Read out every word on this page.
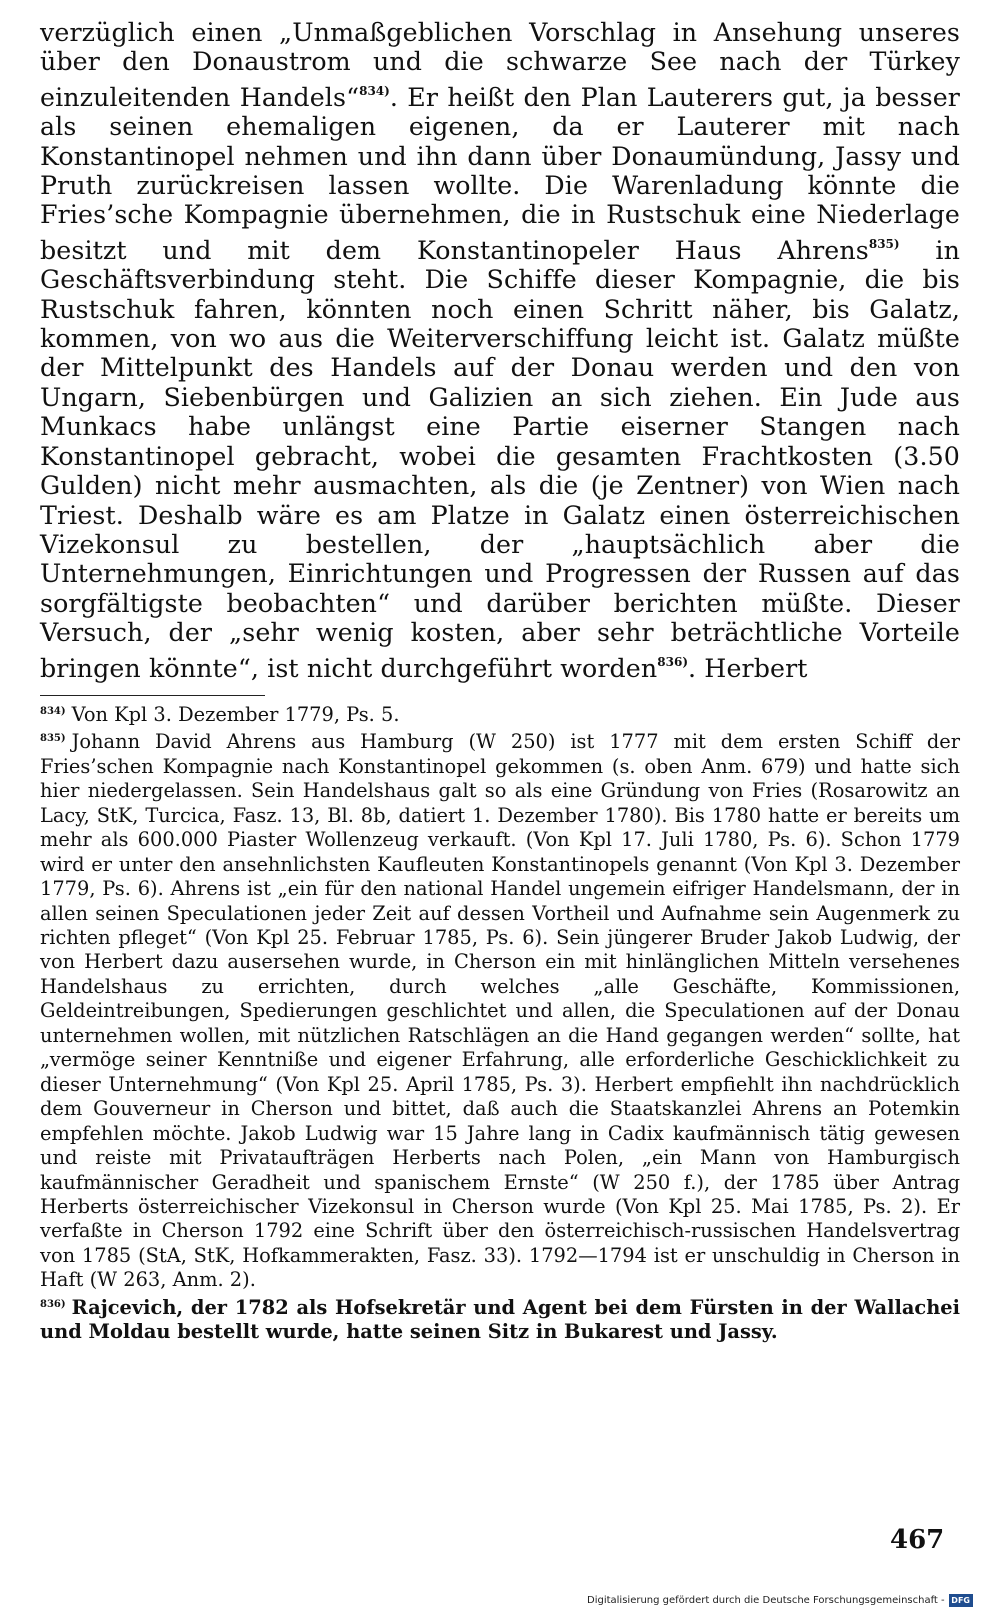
verzüglich einen „Unmaßgeblichen Vorschlag in Ansehung unseres über den Donaustrom und die schwarze See nach der Türkey einzuleitenden Handels“$^{834)}$. Er heißt den Plan Lauterers gut, ja besser als seinen ehemaligen eigenen, da er Lauterer mit nach Konstantinopel nehmen und ihn dann über Donaumündung, Jassy und Pruth zurückreisen lassen wollte. Die Warenladung könnte die Fries’sche Kompagnie übernehmen, die in Rustschuk eine Niederlage besitzt und mit dem Konstantinopeler Haus Ahrens$^{835)}$ in Geschäftsverbindung steht. Die Schiffe dieser Kompagnie, die bis Rustschuk fahren, könnten noch einen Schritt näher, bis Galatz, kommen, von wo aus die Weiterverschiffung leicht ist. Galatz müßte der Mittelpunkt des Handels auf der Donau werden und den von Ungarn, Siebenbürgen und Galizien an sich ziehen. Ein Jude aus Munkacs habe unlängst eine Partie eiserner Stangen nach Konstantinopel gebracht, wobei die gesamten Frachtkosten (3.50 Gulden) nicht mehr ausmachten, als die (je Zentner) von Wien nach Triest. Deshalb wäre es am Platze in Galatz einen österreichischen Vizekonsul zu bestellen, der „hauptsächlich aber die Unternehmungen, Einrichtungen und Progressen der Russen auf das sorgfältigste beobachten“ und darüber berichten müßte. Dieser Versuch, der „sehr wenig kosten, aber sehr beträchtliche Vorteile bringen könnte“, ist nicht durchgeführt worden$^{836)}$. Herbert

$^{834)}$ Von Kpl 3. Dezember 1779, Ps. 5.

$^{835)}$ Johann David Ahrens aus Hamburg (W 250) ist 1777 mit dem ersten Schiff der Fries’schen Kompagnie nach Konstantinopel gekommen (s. oben Anm. 679) und hatte sich hier niedergelassen. Sein Handelshaus galt so als eine Gründung von Fries (Rosarowitz an Lacy, StK, Turcica, Fasz. 13, Bl. 8b, datiert 1. Dezember 1780). Bis 1780 hatte er bereits um mehr als 600.000 Piaster Wollenzeug verkauft. (Von Kpl 17. Juli 1780, Ps. 6). Schon 1779 wird er unter den ansehnlichsten Kaufleuten Konstantinopels genannt (Von Kpl 3. Dezember 1779, Ps. 6). Ahrens ist „ein für den national Handel ungemein eifriger Handelsmann, der in allen seinen Speculationen jeder Zeit auf dessen Vortheil und Aufnahme sein Augenmerk zu richten pfleget“ (Von Kpl 25. Februar 1785, Ps. 6). Sein jüngerer Bruder Jakob Ludwig, der von Herbert dazu ausersehen wurde, in Cherson ein mit hinlänglichen Mitteln versehenes Handelshaus zu errichten, durch welches „alle Geschäfte, Kommissionen, Geldeintreibungen, Spedierungen geschlichtet und allen, die Speculationen auf der Donau unternehmen wollen, mit nützlichen Ratschlägen an die Hand gegangen werden“ sollte, hat „vermöge seiner Kenntniße und eigener Erfahrung, alle erforderliche Geschicklichkeit zu dieser Unternehmung“ (Von Kpl 25. April 1785, Ps. 3). Herbert empfiehlt ihn nachdrücklich dem Gouverneur in Cherson und bittet, daß auch die Staatskanzlei Ahrens an Potemkin empfehlen möchte. Jakob Ludwig war 15 Jahre lang in Cadix kaufmännisch tätig gewesen und reiste mit Privataufträgen Herberts nach Polen, „ein Mann von Hamburgisch kaufmännischer Geradheit und spanischem Ernste“ (W 250 f.), der 1785 über Antrag Herberts österreichischer Vizekonsul in Cherson wurde (Von Kpl 25. Mai 1785, Ps. 2). Er verfaßte in Cherson 1792 eine Schrift über den österreichisch-russischen Handelsvertrag von 1785 (StA, StK, Hofkammerakten, Fasz. 33). 1792—1794 ist er unschuldig in Cherson in Haft (W 263, Anm. 2).

$^{836)}$ Rajcevich, der 1782 als Hofsekretär und Agent bei dem Fürsten in der Wallachei und Moldau bestellt wurde, hatte seinen Sitz in Bukarest und Jassy.

467
Digitalisierung gefördert durch die Deutsche Forschungsgemeinschaft - DFG
